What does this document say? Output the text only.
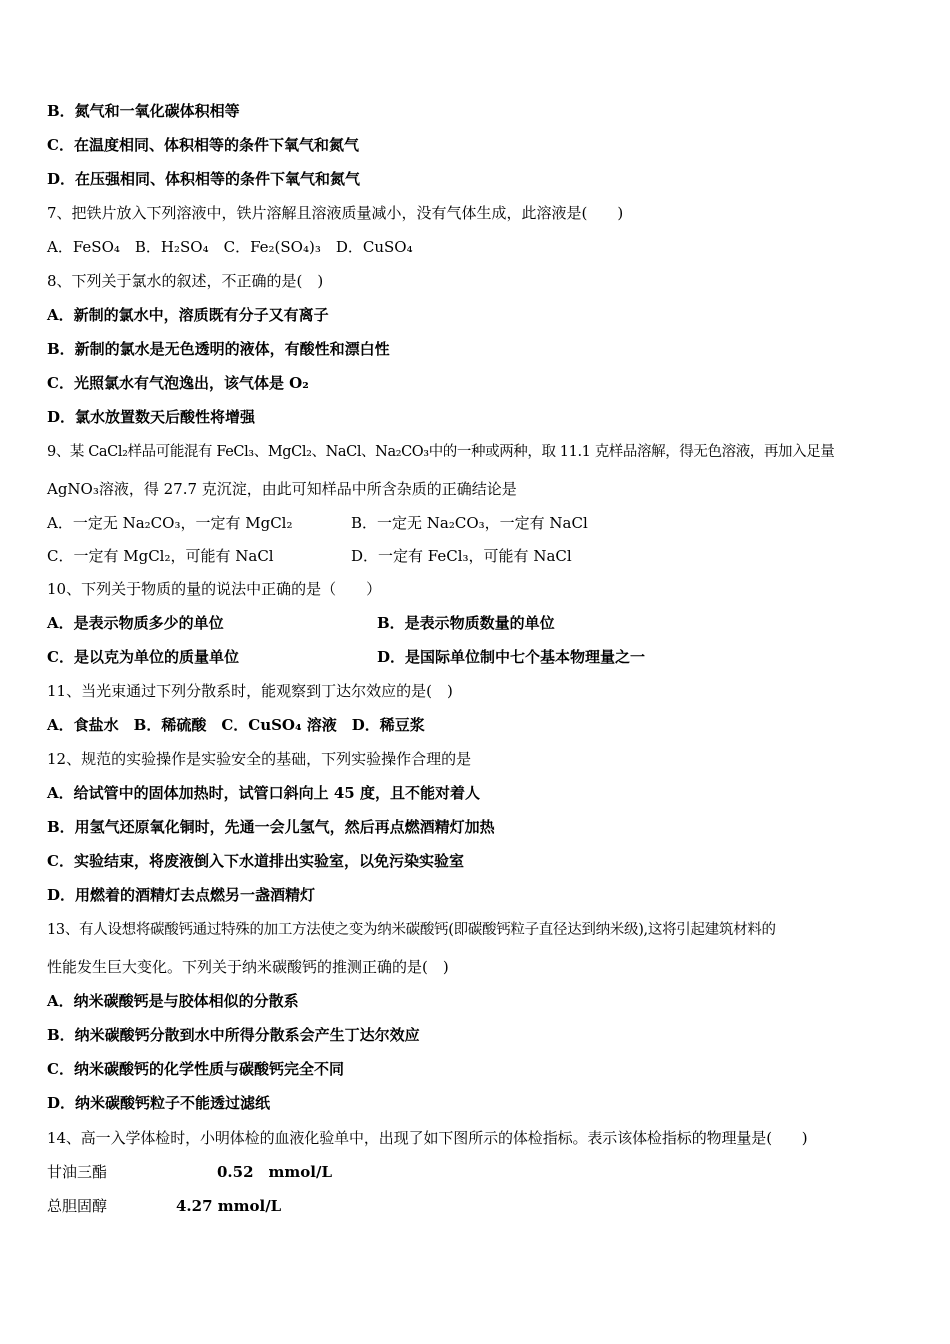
B．氮气和一氧化碳体积相等
C．在温度相同、体积相等的条件下氧气和氮气
D．在压强相同、体积相等的条件下氧气和氮气
7、把铁片放入下列溶液中，铁片溶解且溶液质量减小，没有气体生成，此溶液是(　　)
A．FeSO₄　B．H₂SO₄　C．Fe₂(SO₄)₃　D．CuSO₄
8、下列关于氯水的叙述，不正确的是(　)
A．新制的氯水中，溶质既有分子又有离子
B．新制的氯水是无色透明的液体，有酸性和漂白性
C．光照氯水有气泡逸出，该气体是 O₂
D．氯水放置数天后酸性将增强
9、某 CaCl₂样品可能混有 FeCl₃、MgCl₂、NaCl、Na₂CO₃中的一种或两种，取 11.1 克样品溶解，得无色溶液，再加入足量
AgNO₃溶液，得 27.7 克沉淀，由此可知样品中所含杂质的正确结论是
A．一定无 Na₂CO₃，一定有 MgCl₂	B．一定无 Na₂CO₃，一定有 NaCl
C．一定有 MgCl₂，可能有 NaCl	D．一定有 FeCl₃，可能有 NaCl
10、下列关于物质的量的说法中正确的是（　　）
A．是表示物质多少的单位	B．是表示物质数量的单位
C．是以克为单位的质量单位	D．是国际单位制中七个基本物理量之一
11、当光束通过下列分散系时，能观察到丁达尔效应的是(　)
A．食盐水　B．稀硫酸　C．CuSO₄ 溶液　D．稀豆浆
12、规范的实验操作是实验安全的基础，下列实验操作合理的是
A．给试管中的固体加热时，试管口斜向上 45 度，且不能对着人
B．用氢气还原氧化铜时，先通一会儿氢气，然后再点燃酒精灯加热
C．实验结束，将废液倒入下水道排出实验室，以免污染实验室
D．用燃着的酒精灯去点燃另一盏酒精灯
13、有人设想将碳酸钙通过特殊的加工方法使之变为纳米碳酸钙(即碳酸钙粒子直径达到纳米级),这将引起建筑材料的
性能发生巨大变化。下列关于纳米碳酸钙的推测正确的是(　)
A．纳米碳酸钙是与胶体相似的分散系
B．纳米碳酸钙分散到水中所得分散系会产生丁达尔效应
C．纳米碳酸钙的化学性质与碳酸钙完全不同
D．纳米碳酸钙粒子不能透过滤纸
14、高一入学体检时，小明体检的血液化验单中，出现了如下图所示的体检指标。表示该体检指标的物理量是(　　)
甘油三酯	0.52　mmol/L
总胆固醇	4.27 mmol/L
